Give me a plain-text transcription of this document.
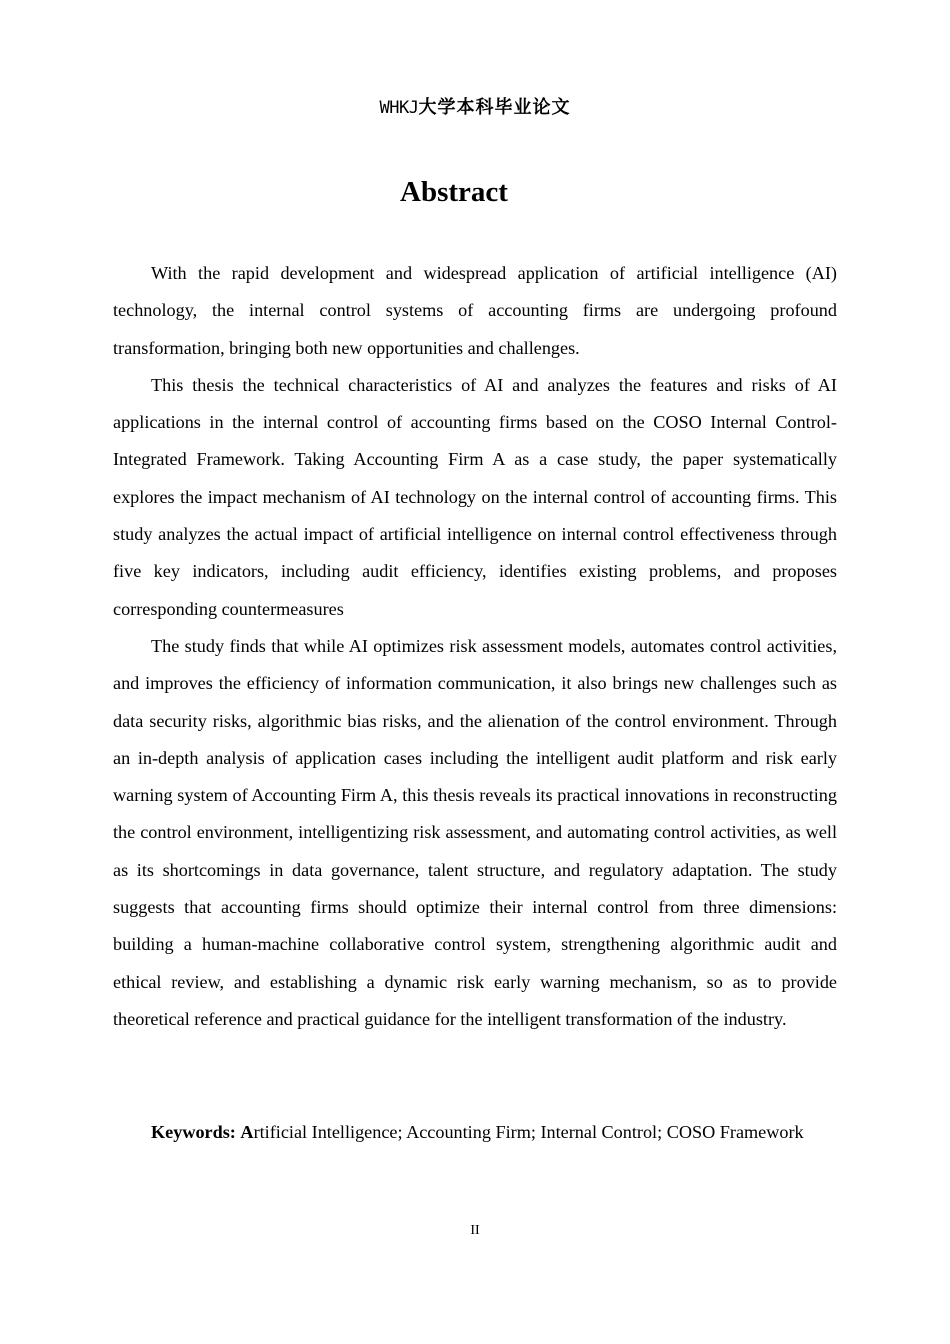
WHKJ大学本科毕业论文
Abstract

With the rapid development and widespread application of artificial intelligence (AI) technology, the internal control systems of accounting firms are undergoing profound transformation, bringing both new opportunities and challenges.

This thesis the technical characteristics of AI and analyzes the features and risks of AI applications in the internal control of accounting firms based on the COSO Internal Control-Integrated Framework. Taking Accounting Firm A as a case study, the paper systematically explores the impact mechanism of AI technology on the internal control of accounting firms. This study analyzes the actual impact of artificial intelligence on internal control effectiveness through five key indicators, including audit efficiency, identifies existing problems, and proposes corresponding countermeasures

The study finds that while AI optimizes risk assessment models, automates control activities, and improves the efficiency of information communication, it also brings new challenges such as data security risks, algorithmic bias risks, and the alienation of the control environment. Through an in-depth analysis of application cases including the intelligent audit platform and risk early warning system of Accounting Firm A, this thesis reveals its practical innovations in reconstructing the control environment, intelligentizing risk assessment, and automating control activities, as well as its shortcomings in data governance, talent structure, and regulatory adaptation. The study suggests that accounting firms should optimize their internal control from three dimensions: building a human-machine collaborative control system, strengthening algorithmic audit and ethical review, and establishing a dynamic risk early warning mechanism, so as to provide theoretical reference and practical guidance for the intelligent transformation of the industry.

Keywords: Artificial Intelligence; Accounting Firm; Internal Control; COSO Framework

II
